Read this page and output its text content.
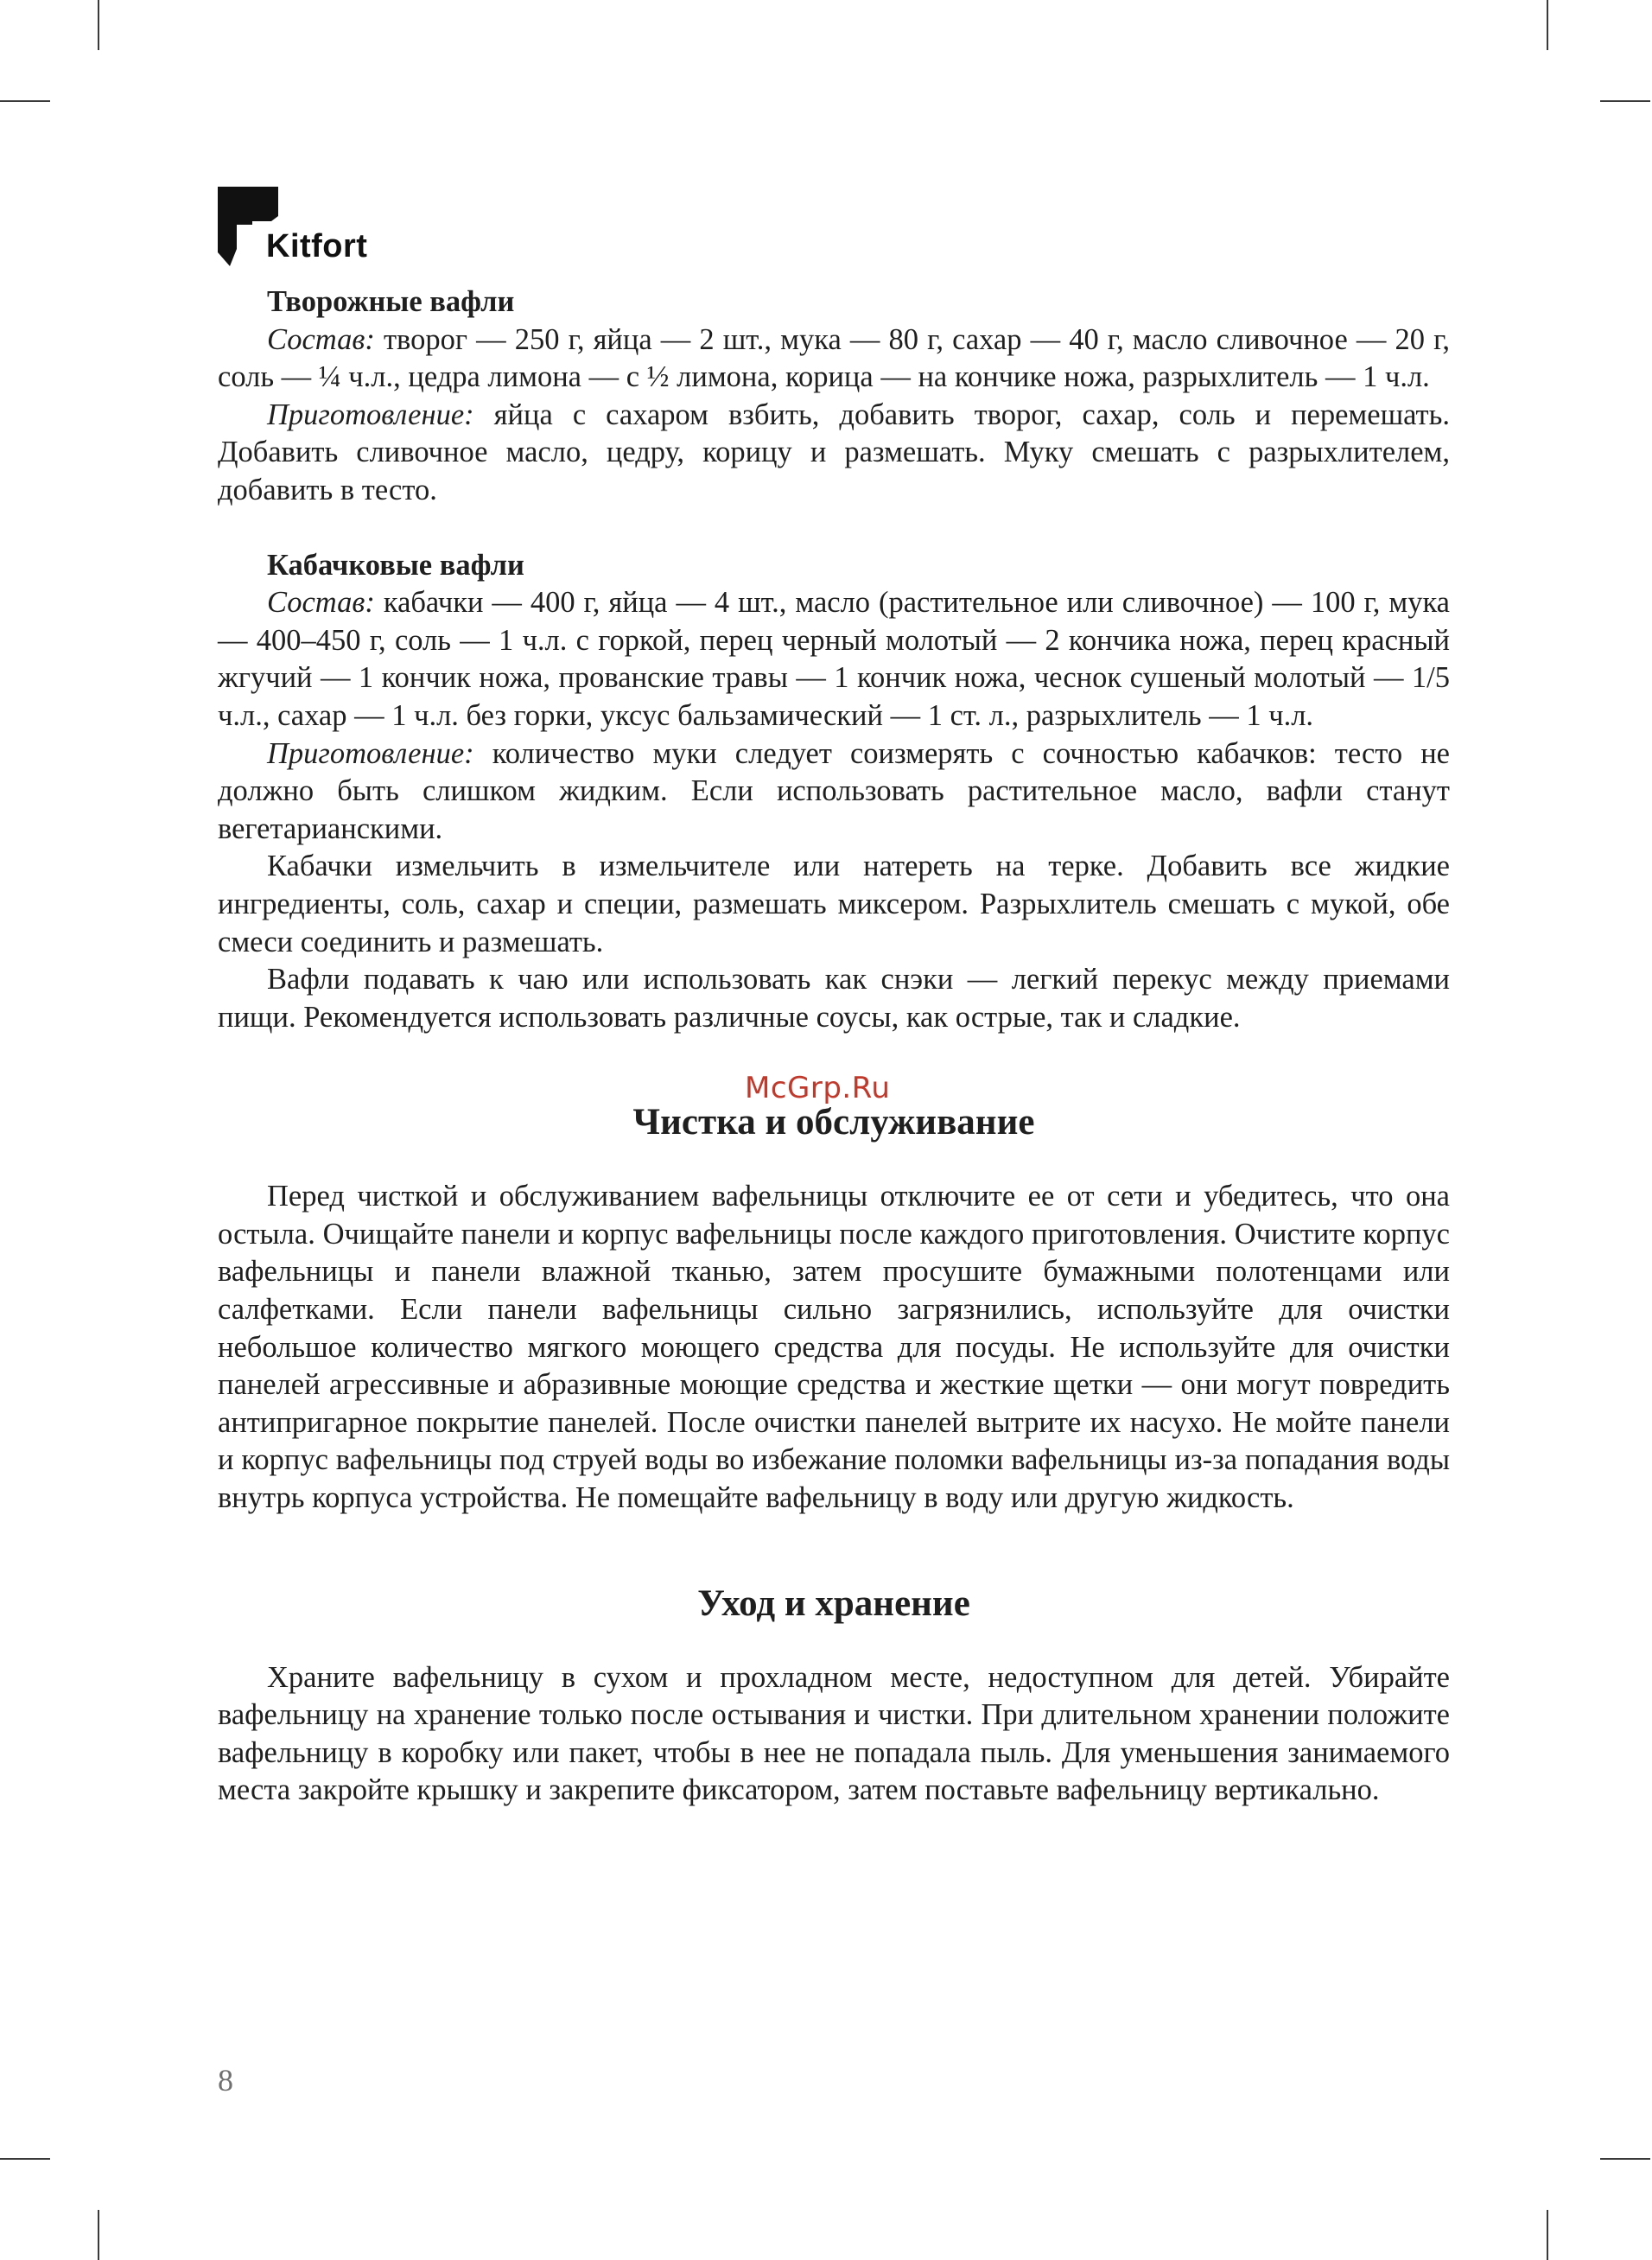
Kitfort
Творожные вафли

Состав: творог — 250 г, яйца — 2 шт., мука — 80 г, сахар — 40 г, масло сливочное — 20 г, соль — ¼ ч.л., цедра лимона — с ½ лимона, корица — на кончике ножа, разрыхлитель — 1 ч.л.

Приготовление: яйца с сахаром взбить, добавить творог, сахар, соль и перемешать. Добавить сливочное масло, цедру, корицу и размешать. Муку смешать с разрыхлителем, добавить в тесто.

Кабачковые вафли

Состав: кабачки — 400 г, яйца — 4 шт., масло (растительное или сливочное) — 100 г, мука — 400–450 г, соль — 1 ч.л. с горкой, перец черный молотый — 2 кончика ножа, перец красный жгучий — 1 кончик ножа, прованские травы — 1 кончик ножа, чеснок сушеный молотый — 1/5 ч.л., сахар — 1 ч.л. без горки, уксус бальзамический — 1 ст. л., разрыхлитель — 1 ч.л.

Приготовление: количество муки следует соизмерять с сочностью кабачков: тесто не должно быть слишком жидким. Если использовать растительное масло, вафли станут вегетарианскими.

Кабачки измельчить в измельчителе или натереть на терке. Добавить все жидкие ингредиенты, соль, сахар и специи, размешать миксером. Разрыхлитель смешать с мукой, обе смеси соединить и размешать.

Вафли подавать к чаю или использовать как снэки — легкий перекус между приемами пищи. Рекомендуется использовать различные соусы, как острые, так и сладкие.

Чистка и обслуживание

Перед чисткой и обслуживанием вафельницы отключите ее от сети и убедитесь, что она остыла. Очищайте панели и корпус вафельницы после каждого приготовления. Очистите корпус вафельницы и панели влажной тканью, затем просушите бумажными полотенцами или салфетками. Если панели вафельницы сильно загрязнились, используйте для очистки небольшое количество мягкого моющего средства для посуды. Не используйте для очистки панелей агрессивные и абразивные моющие средства и жесткие щетки — они могут повредить антипригарное покрытие панелей. После очистки панелей вытрите их насухо. Не мойте панели и корпус вафельницы под струей воды во избежание поломки вафельницы из-за попадания воды внутрь корпуса устройства. Не помещайте вафельницу в воду или другую жидкость.

Уход и хранение

Храните вафельницу в сухом и прохладном месте, недоступном для детей. Убирайте вафельницу на хранение только после остывания и чистки. При длительном хранении положите вафельницу в коробку или пакет, чтобы в нее не попадала пыль. Для уменьшения занимаемого места закройте крышку и закрепите фиксатором, затем поставьте вафельницу вертикально.

McGrp.Ru
8
